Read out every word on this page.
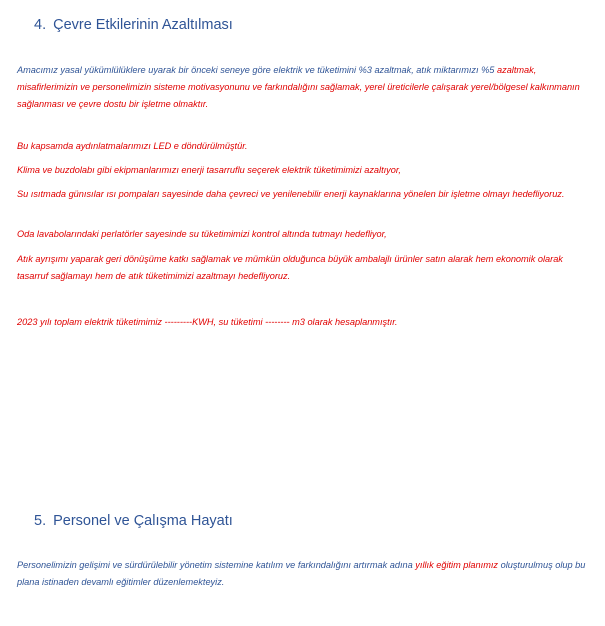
4. Çevre Etkilerinin Azaltılması
Amacımız yasal yükümlülüklere uyarak bir önceki seneye göre elektrik ve tüketimini %3 azaltmak, atık miktarımızı %5 azaltmak, misafirlerimizin ve personelimizin sisteme motivasyonunu ve farkındalığını sağlamak, yerel üreticilerle çalışarak yerel/bölgesel kalkınmanın sağlanması ve çevre dostu bir işletme olmaktır.
Bu kapsamda aydınlatmalarımızı LED e döndürülmüştür.
Klima ve buzdolabı gibi ekipmanlarımızı enerji tasarruflu seçerek elektrik tüketimimizi azaltıyor,
Su ısıtmada günısılar ısı pompaları sayesinde daha çevreci ve yenilenebilir enerji kaynaklarına yönelen bir işletme olmayı hedefliyoruz.
Oda lavabolarındaki perlatörler sayesinde su tüketimimizi kontrol altında tutmayı hedefliyor,
Atık ayrışımı yaparak geri dönüşüme katkı sağlamak ve mümkün olduğunca büyük ambalajlı ürünler satın alarak hem ekonomik olarak tasarruf sağlamayı hem de atık tüketimimizi azaltmayı hedefliyoruz.
2023 yılı toplam elektrik tüketimimiz ---------KWH, su tüketimi -------- m3 olarak hesaplanmıştır.
5. Personel ve Çalışma Hayatı
Personelimizin gelişimi ve sürdürülebilir yönetim sistemine katılım ve farkındalığını artırmak adına yıllık eğitim planımız oluşturulmuş olup bu plana istinaden devamlı eğitimler düzenlemekteyiz.
